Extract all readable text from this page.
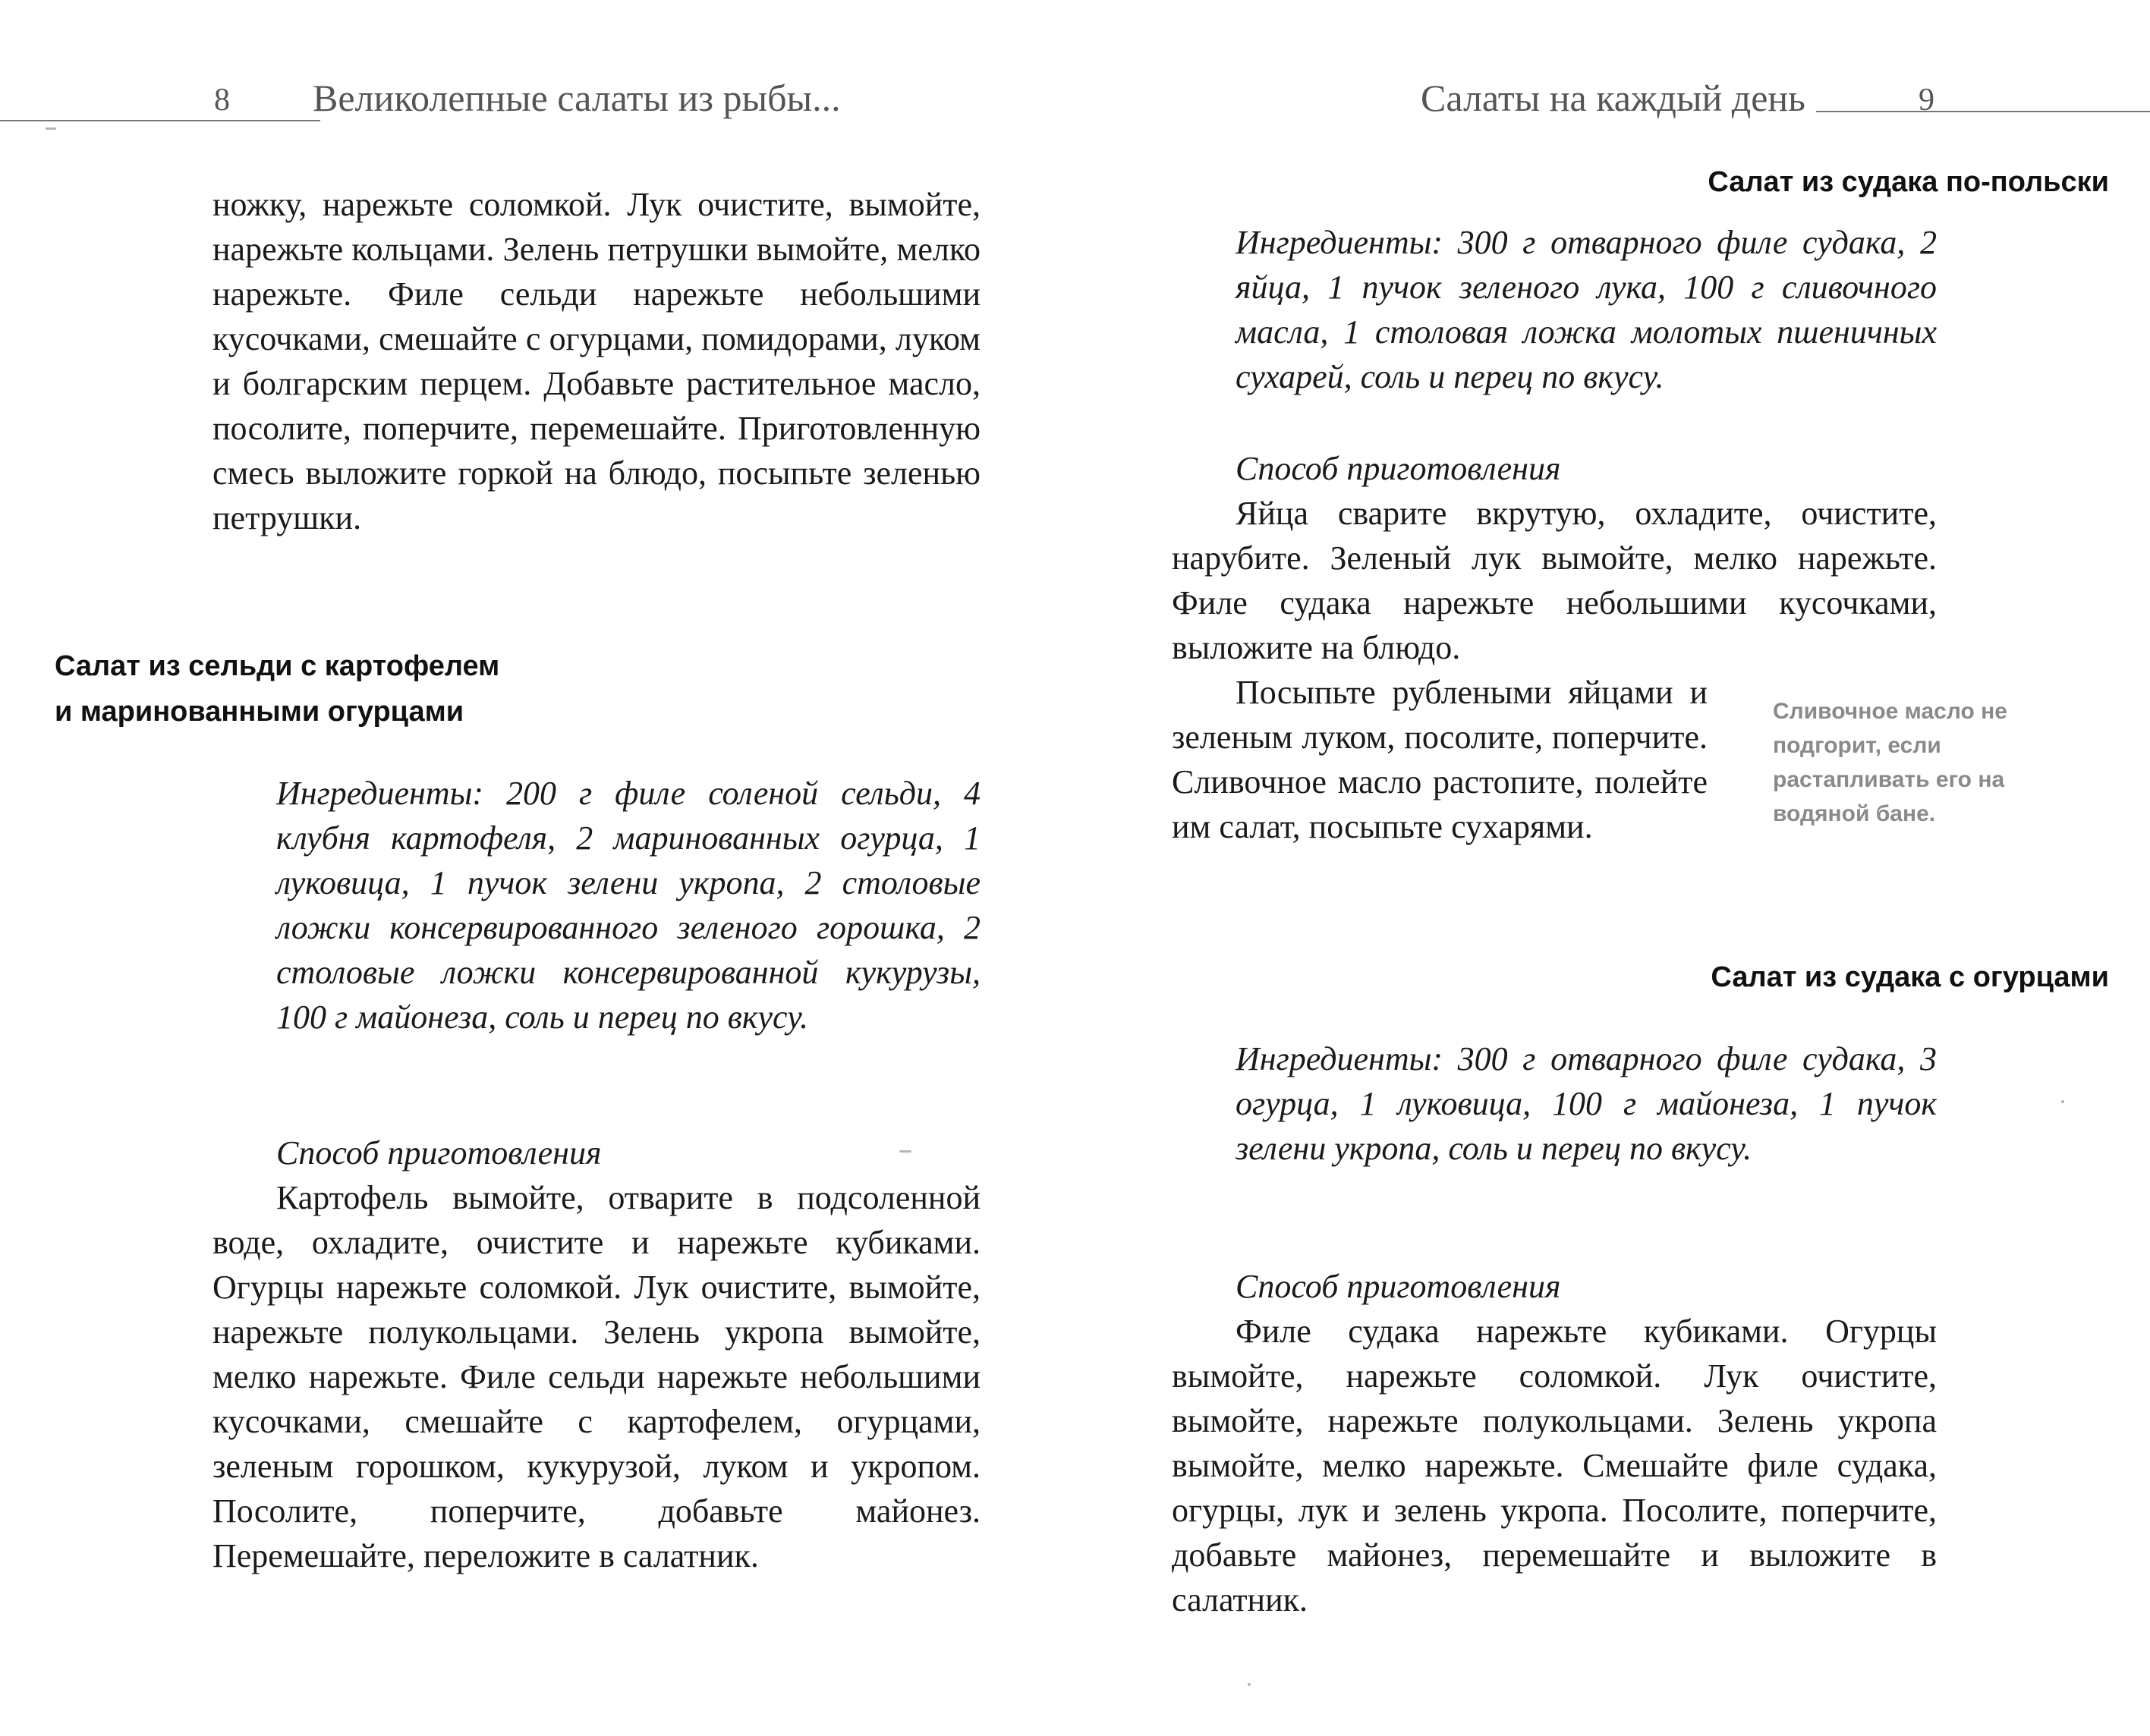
8 Великолепные салаты из рыбы...

ножку, нарежьте соломкой. Лук очистите, вымойте, нарежьте кольцами. Зелень петрушки вымойте, мелко нарежьте. Филе сельди нарежьте небольшими кусочками, смешайте с огурцами, помидорами, луком и болгарским перцем. Добавьте растительное масло, посолите, поперчите, перемешайте. Приготовленную смесь выложите горкой на блюдо, посыпьте зеленью петрушки.

Салат из сельди с картофелем

и маринованными огурцами

Ингредиенты: 200 г филе соленой сельди, 4 клубня картофеля, 2 маринованных огурца, 1 луковица, 1 пучок зелени укропа, 2 столовые ложки консервированного зеленого горошка, 2 столовые ложки консервированной кукурузы, 100 г майонеза, соль и перец по вкусу.

Способ приготовления

Картофель вымойте, отварите в подсоленной воде, охладите, очистите и нарежьте кубиками. Огурцы нарежьте соломкой. Лук очистите, вымойте, нарежьте полукольцами. Зелень укропа вымойте, мелко нарежьте. Филе сельди нарежьте небольшими кусочками, смешайте с картофелем, огурцами, зеленым горошком, кукурузой, луком и укропом. Посолите, поперчите, добавьте майонез. Перемешайте, переложите в салатник.

Салаты на каждый день	9

Салат из судака по-польски

Ингредиенты: 300 г отварного филе судака, 2 яйца, 1 пучок зеленого лука, 100 г сливочного масла, 1 столовая ложка молотых пшеничных сухарей, соль и перец по вкусу.

Способ приготовления

Яйца сварите вкрутую, охладите, очистите, нарубите. Зеленый лук вымойте, мелко нарежьте. Филе судака нарежьте небольшими кусочками, выложите на блюдо.

Посыпьте рублеными яйцами и зеленым луком, посолите, поперчите. Сливочное масло растопите, полейте им салат, посыпьте сухарями.

Сливочное масло не подгорит, если растапливать его на водяной бане.

Салат из судака с огурцами

Ингредиенты: 300 г отварного филе судака, 3 огурца, 1 луковица, 100 г майонеза, 1 пучок зелени укропа, соль и перец по вкусу.

Способ приготовления

Филе судака нарежьте кубиками. Огурцы вымойте, нарежьте соломкой. Лук очистите, вымойте, нарежьте полукольцами. Зелень укропа вымойте, мелко нарежьте. Смешайте филе судака, огурцы, лук и зелень укропа. Посолите, поперчите, добавьте майонез, перемешайте и выложите в салатник.
